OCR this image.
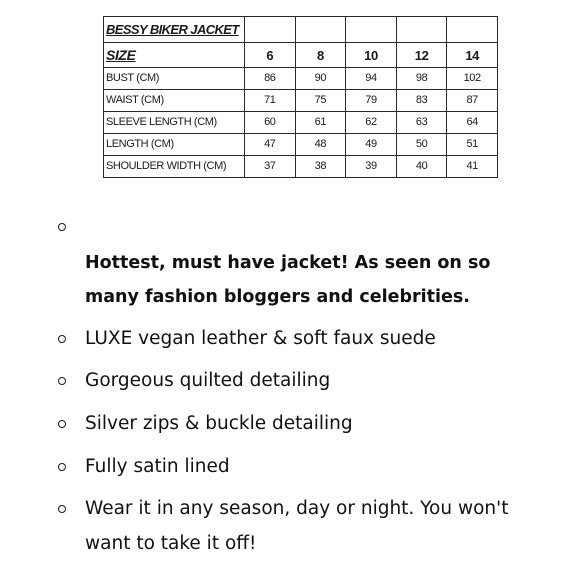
BESSY BIKER JACKET					
SIZE	6	8	10	12	14
BUST (CM)	86	90	94	98	102
WAIST (CM)	71	75	79	83	87
SLEEVE LENGTH (CM)	60	61	62	63	64
LENGTH (CM)	47	48	49	50	51
SHOULDER WIDTH (CM)	37	38	39	40	41
Hottest, must have jacket! As seen on so
many fashion bloggers and celebrities.
LUXE vegan leather & soft faux suede
Gorgeous quilted detailing
Silver zips & buckle detailing
Fully satin lined
Wear it in any season, day or night. You won't
want to take it off!
